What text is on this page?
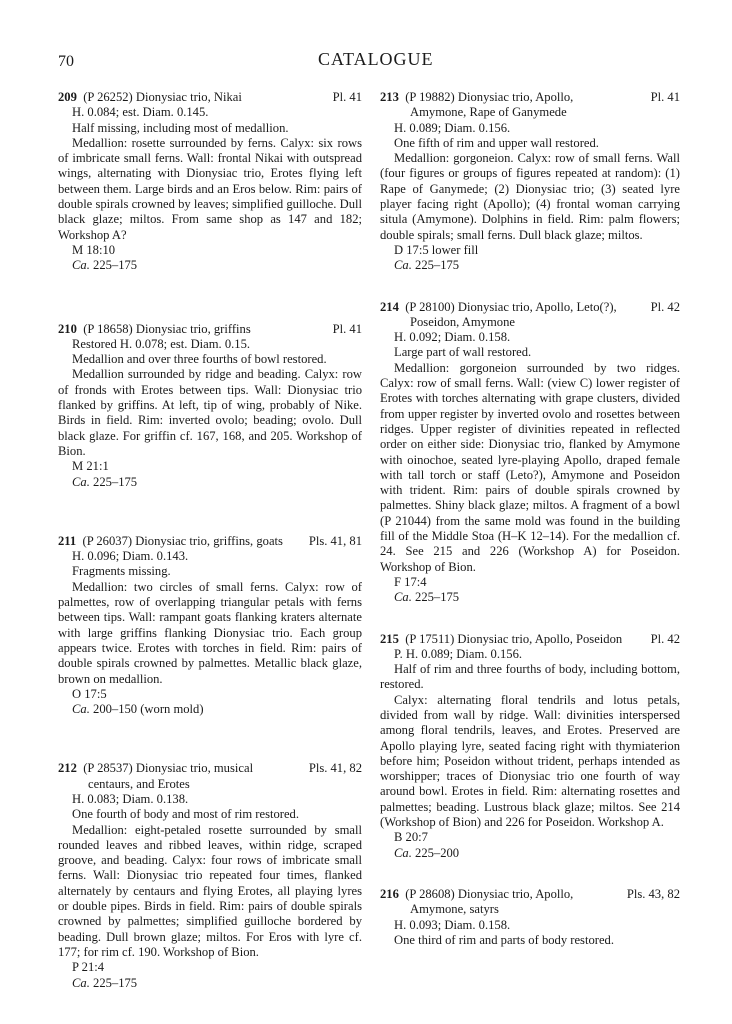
70	CATALOGUE
209 (P 26252) Dionysiac trio, Nikai	Pl. 41
H. 0.084; est. Diam. 0.145.
Half missing, including most of medallion.
Medallion: rosette surrounded by ferns. Calyx: six rows of imbricate small ferns. Wall: frontal Nikai with outspread wings, alternating with Dionysiac trio, Erotes flying left between them. Large birds and an Eros below. Rim: pairs of double spirals crowned by leaves; simplified guilloche. Dull black glaze; miltos. From same shop as 147 and 182; Workshop A?
M 18:10
Ca. 225–175
210 (P 18658) Dionysiac trio, griffins	Pl. 41
Restored H. 0.078; est. Diam. 0.15.
Medallion and over three fourths of bowl restored.
Medallion surrounded by ridge and beading. Calyx: row of fronds with Erotes between tips. Wall: Dionysiac trio flanked by griffins. At left, tip of wing, probably of Nike. Birds in field. Rim: inverted ovolo; beading; ovolo. Dull black glaze. For griffin cf. 167, 168, and 205. Workshop of Bion.
M 21:1
Ca. 225–175
211 (P 26037) Dionysiac trio, griffins, goats	Pls. 41, 81
H. 0.096; Diam. 0.143.
Fragments missing.
Medallion: two circles of small ferns. Calyx: row of palmettes, row of overlapping triangular petals with ferns between tips. Wall: rampant goats flanking kraters alternate with large griffins flanking Dionysiac trio. Each group appears twice. Erotes with torches in field. Rim: pairs of double spirals crowned by palmettes. Metallic black glaze, brown on medallion.
O 17:5
Ca. 200–150 (worn mold)
212 (P 28537) Dionysiac trio, musical	Pls. 41, 82
centaurs, and Erotes
H. 0.083; Diam. 0.138.
One fourth of body and most of rim restored.
Medallion: eight-petaled rosette surrounded by small rounded leaves and ribbed leaves, within ridge, scraped groove, and beading. Calyx: four rows of imbricate small ferns. Wall: Dionysiac trio repeated four times, flanked alternately by centaurs and flying Erotes, all playing lyres or double pipes. Birds in field. Rim: pairs of double spirals crowned by palmettes; simplified guilloche bordered by beading. Dull brown glaze; miltos. For Eros with lyre cf. 177; for rim cf. 190. Workshop of Bion.
P 21:4
Ca. 225–175
213 (P 19882) Dionysiac trio, Apollo,	Pl. 41
Amymone, Rape of Ganymede
H. 0.089; Diam. 0.156.
One fifth of rim and upper wall restored.
Medallion: gorgoneion. Calyx: row of small ferns. Wall (four figures or groups of figures repeated at random): (1) Rape of Ganymede; (2) Dionysiac trio; (3) seated lyre player facing right (Apollo); (4) frontal woman carrying situla (Amymone). Dolphins in field. Rim: palm flowers; double spirals; small ferns. Dull black glaze; miltos.
D 17:5 lower fill
Ca. 225–175
214 (P 28100) Dionysiac trio, Apollo, Leto(?),	Pl. 42
Poseidon, Amymone
H. 0.092; Diam. 0.158.
Large part of wall restored.
Medallion: gorgoneion surrounded by two ridges. Calyx: row of small ferns. Wall: (view C) lower register of Erotes with torches alternating with grape clusters, divided from upper register by inverted ovolo and rosettes between ridges. Upper register of divinities repeated in reflected order on either side: Dionysiac trio, flanked by Amymone with oinochoe, seated lyre-playing Apollo, draped female with tall torch or staff (Leto?), Amymone and Poseidon with trident. Rim: pairs of double spirals crowned by palmettes. Shiny black glaze; miltos. A fragment of a bowl (P 21044) from the same mold was found in the building fill of the Middle Stoa (H–K 12–14). For the medallion cf. 24. See 215 and 226 (Workshop A) for Poseidon. Workshop of Bion.
F 17:4
Ca. 225–175
215 (P 17511) Dionysiac trio, Apollo, Poseidon	Pl. 42
P. H. 0.089; Diam. 0.156.
Half of rim and three fourths of body, including bottom, restored.
Calyx: alternating floral tendrils and lotus petals, divided from wall by ridge. Wall: divinities interspersed among floral tendrils, leaves, and Erotes. Preserved are Apollo playing lyre, seated facing right with thymiaterion before him; Poseidon without trident, perhaps intended as worshipper; traces of Dionysiac trio one fourth of way around bowl. Erotes in field. Rim: alternating rosettes and palmettes; beading. Lustrous black glaze; miltos. See 214 (Workshop of Bion) and 226 for Poseidon. Workshop A.
B 20:7
Ca. 225–200
216 (P 28608) Dionysiac trio, Apollo,	Pls. 43, 82
Amymone, satyrs
H. 0.093; Diam. 0.158.
One third of rim and parts of body restored.
